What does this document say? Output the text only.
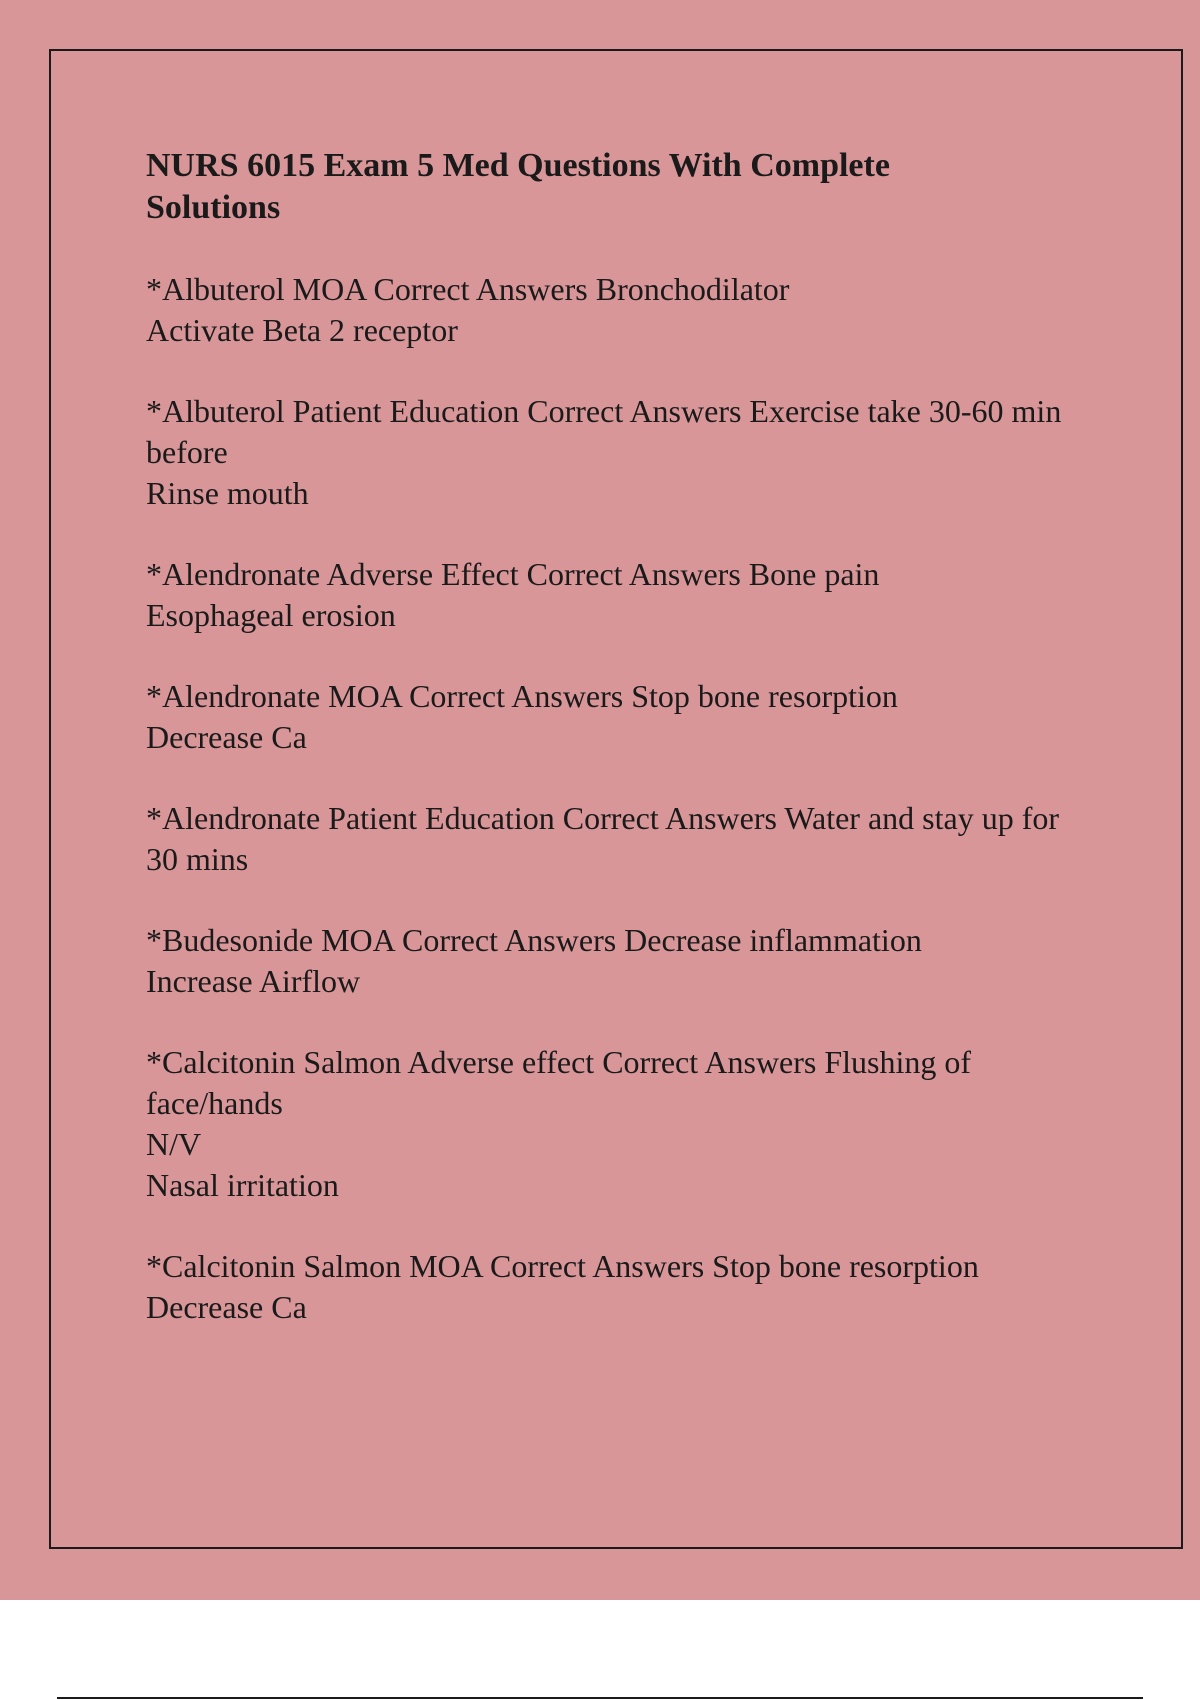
NURS 6015 Exam 5 Med Questions With Complete Solutions
*Albuterol MOA Correct Answers Bronchodilator
Activate Beta 2 receptor
*Albuterol Patient Education Correct Answers Exercise take 30-60 min before
Rinse mouth
*Alendronate Adverse Effect Correct Answers Bone pain
Esophageal erosion
*Alendronate MOA Correct Answers Stop bone resorption
Decrease Ca
*Alendronate Patient Education Correct Answers Water and stay up for 30 mins
*Budesonide MOA Correct Answers Decrease inflammation
Increase Airflow
*Calcitonin Salmon Adverse effect Correct Answers Flushing of face/hands
N/V
Nasal irritation
*Calcitonin Salmon MOA Correct Answers Stop bone resorption
Decrease Ca
